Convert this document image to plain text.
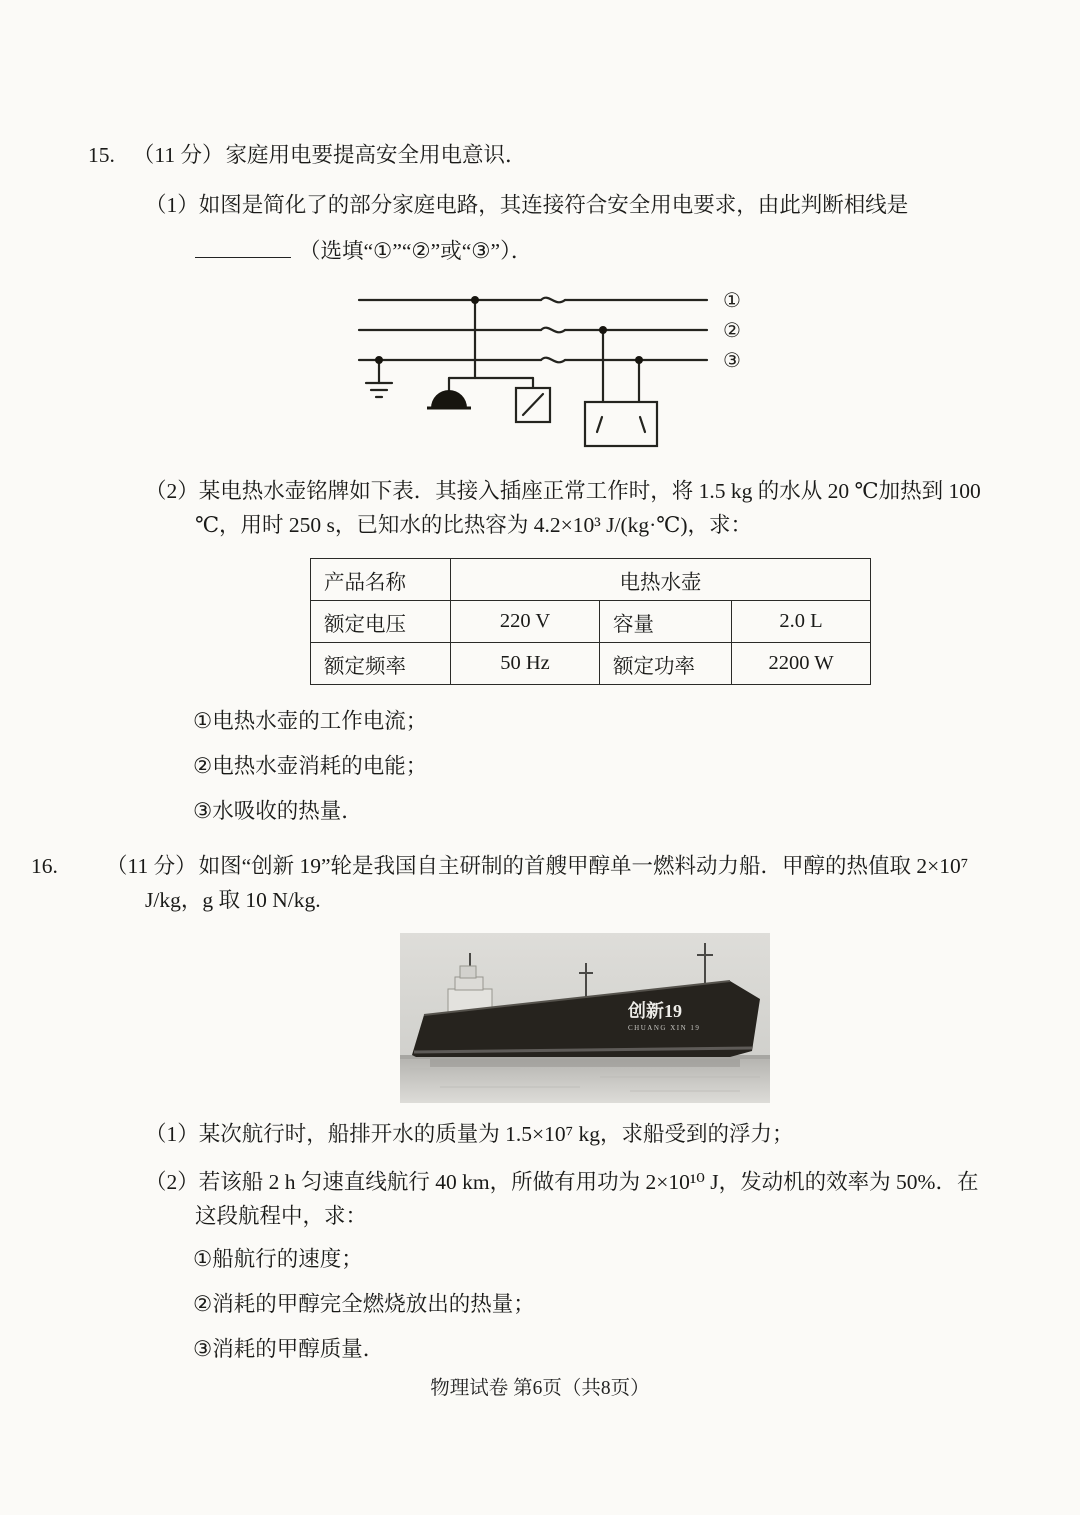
15. （11 分）家庭用电要提高安全用电意识．

（1）如图是简化了的部分家庭电路，其连接符合安全用电要求，由此判断相线是

（选填“①”“②”或“③”）．

①
②
③

（2）某电热水壶铭牌如下表．其接入插座正常工作时，将 1.5 kg 的水从 20 ℃加热到 100 ℃，用时 250 s，已知水的比热容为 4.2×10³ J/(kg·℃)，求：

产品名称	电热水壶		
额定电压	220 V	容量	2.0 L
额定频率	50 Hz	额定功率	2200 W

①电热水壶的工作电流；

②电热水壶消耗的电能；

③水吸收的热量．

16. （11 分）如图“创新 19”轮是我国自主研制的首艘甲醇单一燃料动力船．甲醇的热值取 2×10⁷ J/kg，g 取 10 N/kg.

创新19
CHUANG XIN 19

（1）某次航行时，船排开水的质量为 1.5×10⁷ kg，求船受到的浮力；

（2）若该船 2 h 匀速直线航行 40 km，所做有用功为 2×10¹⁰ J，发动机的效率为 50%．在这段航程中，求：

①船航行的速度；

②消耗的甲醇完全燃烧放出的热量；

③消耗的甲醇质量．

物理试卷 第6页（共8页）
